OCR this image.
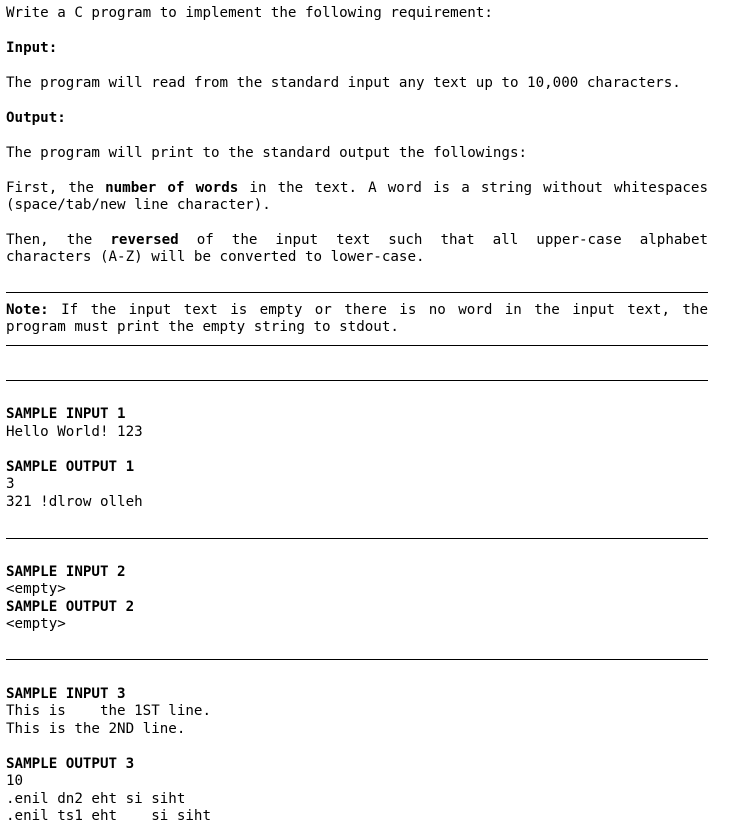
Write a C program to implement the following requirement:
Input:
The program will read from the standard input any text up to 10,000 characters.
Output:
The program will print to the standard output the followings:
First, the number of words in the text. A word is a string without whitespaces
(space/tab/new line character).
Then, the reversed of the input text such that all upper-case alphabet
characters (A-Z) will be converted to lower-case.
Note: If the input text is empty or there is no word in the input text, the
program must print the empty string to stdout.
SAMPLE INPUT 1
Hello World! 123
SAMPLE OUTPUT 1
3
321 !dlrow olleh
SAMPLE INPUT 2
<empty>
SAMPLE OUTPUT 2
<empty>
SAMPLE INPUT 3
This is    the 1ST line.
This is the 2ND line.
SAMPLE OUTPUT 3
10
.enil dn2 eht si siht
.enil ts1 eht    si siht
